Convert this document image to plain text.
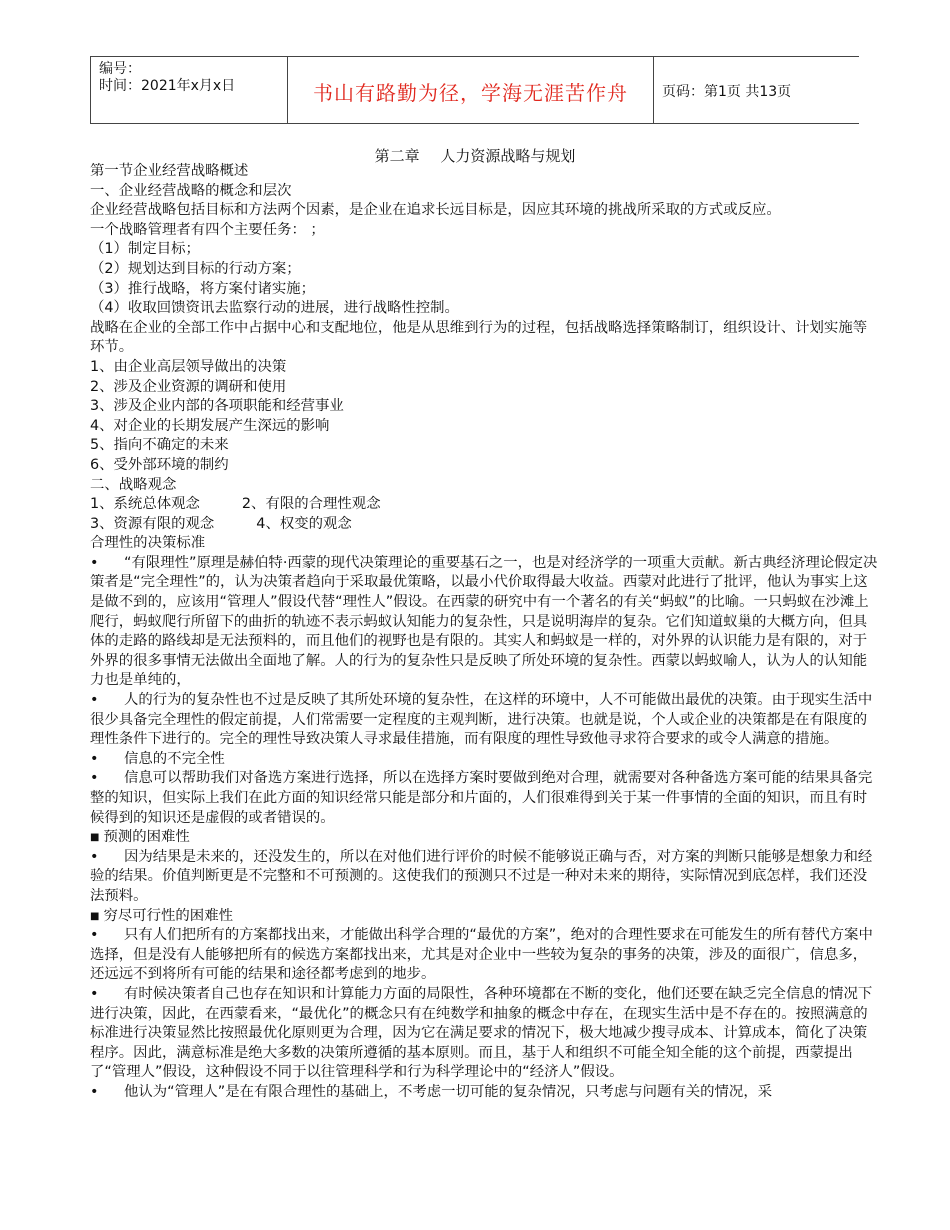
编号：
时间：2021年x月x日	书山有路勤为径，学海无涯苦作舟	页码：第1页 共13页
第二章 人力资源战略与规划

第一节企业经营战略概述

一、企业经营战略的概念和层次

企业经营战略包括目标和方法两个因素，是企业在追求长远目标是，因应其环境的挑战所采取的方式或反应。

一个战略管理者有四个主要任务： ；

（1）制定目标；

（2）规划达到目标的行动方案；

（3）推行战略，将方案付诸实施；

（4）收取回馈资讯去监察行动的进展，进行战略性控制。

战略在企业的全部工作中占据中心和支配地位，他是从思维到行为的过程，包括战略选择策略制订，组织设计、计划实施等环节。

1、由企业高层领导做出的决策

2、涉及企业资源的调研和使用

3、涉及企业内部的各项职能和经营事业

4、对企业的长期发展产生深远的影响

5、指向不确定的未来

6、受外部环境的制约

二、战略观念

1、系统总体观念	2、有限的合理性观念

3、资源有限的观念	4、权变的观念

合理性的决策标准

• “有限理性”原理是赫伯特·西蒙的现代决策理论的重要基石之一，也是对经济学的一项重大贡献。新古典经济理论假定决策者是“完全理性”的，认为决策者趋向于采取最优策略，以最小代价取得最大收益。西蒙对此进行了批评，他认为事实上这是做不到的，应该用“管理人”假设代替“理性人”假设。在西蒙的研究中有一个著名的有关“蚂蚁”的比喻。一只蚂蚁在沙滩上爬行，蚂蚁爬行所留下的曲折的轨迹不表示蚂蚁认知能力的复杂性，只是说明海岸的复杂。它们知道蚁巢的大概方向，但具体的走路的路线却是无法预料的，而且他们的视野也是有限的。其实人和蚂蚁是一样的，对外界的认识能力是有限的，对于外界的很多事情无法做出全面地了解。人的行为的复杂性只是反映了所处环境的复杂性。西蒙以蚂蚁喻人，认为人的认知能力也是单纯的，

• 人的行为的复杂性也不过是反映了其所处环境的复杂性，在这样的环境中，人不可能做出最优的决策。由于现实生活中很少具备完全理性的假定前提，人们常需要一定程度的主观判断，进行决策。也就是说，个人或企业的决策都是在有限度的理性条件下进行的。完全的理性导致决策人寻求最佳措施，而有限度的理性导致他寻求符合要求的或令人满意的措施。

• 信息的不完全性

• 信息可以帮助我们对备选方案进行选择，所以在选择方案时要做到绝对合理，就需要对各种备选方案可能的结果具备完整的知识，但实际上我们在此方面的知识经常只能是部分和片面的，人们很难得到关于某一件事情的全面的知识，而且有时候得到的知识还是虚假的或者错误的。

■ 预测的困难性

• 因为结果是未来的，还没发生的，所以在对他们进行评价的时候不能够说正确与否，对方案的判断只能够是想象力和经验的结果。价值判断更是不完整和不可预测的。这使我们的预测只不过是一种对未来的期待，实际情况到底怎样，我们还没法预料。

■ 穷尽可行性的困难性

• 只有人们把所有的方案都找出来，才能做出科学合理的“最优的方案”，绝对的合理性要求在可能发生的所有替代方案中选择，但是没有人能够把所有的候选方案都找出来，尤其是对企业中一些较为复杂的事务的决策，涉及的面很广，信息多，还远远不到将所有可能的结果和途径都考虑到的地步。

• 有时候决策者自己也存在知识和计算能力方面的局限性，各种环境都在不断的变化，他们还要在缺乏完全信息的情况下进行决策，因此，在西蒙看来，“最优化”的概念只有在纯数学和抽象的概念中存在，在现实生活中是不存在的。按照满意的标准进行决策显然比按照最优化原则更为合理，因为它在满足要求的情况下，极大地减少搜寻成本、计算成本，简化了决策程序。因此，满意标准是绝大多数的决策所遵循的基本原则。而且，基于人和组织不可能全知全能的这个前提，西蒙提出了“管理人”假设，这种假设不同于以往管理科学和行为科学理论中的“经济人”假设。

• 他认为“管理人”是在有限合理性的基础上，不考虑一切可能的复杂情况，只考虑与问题有关的情况，采
